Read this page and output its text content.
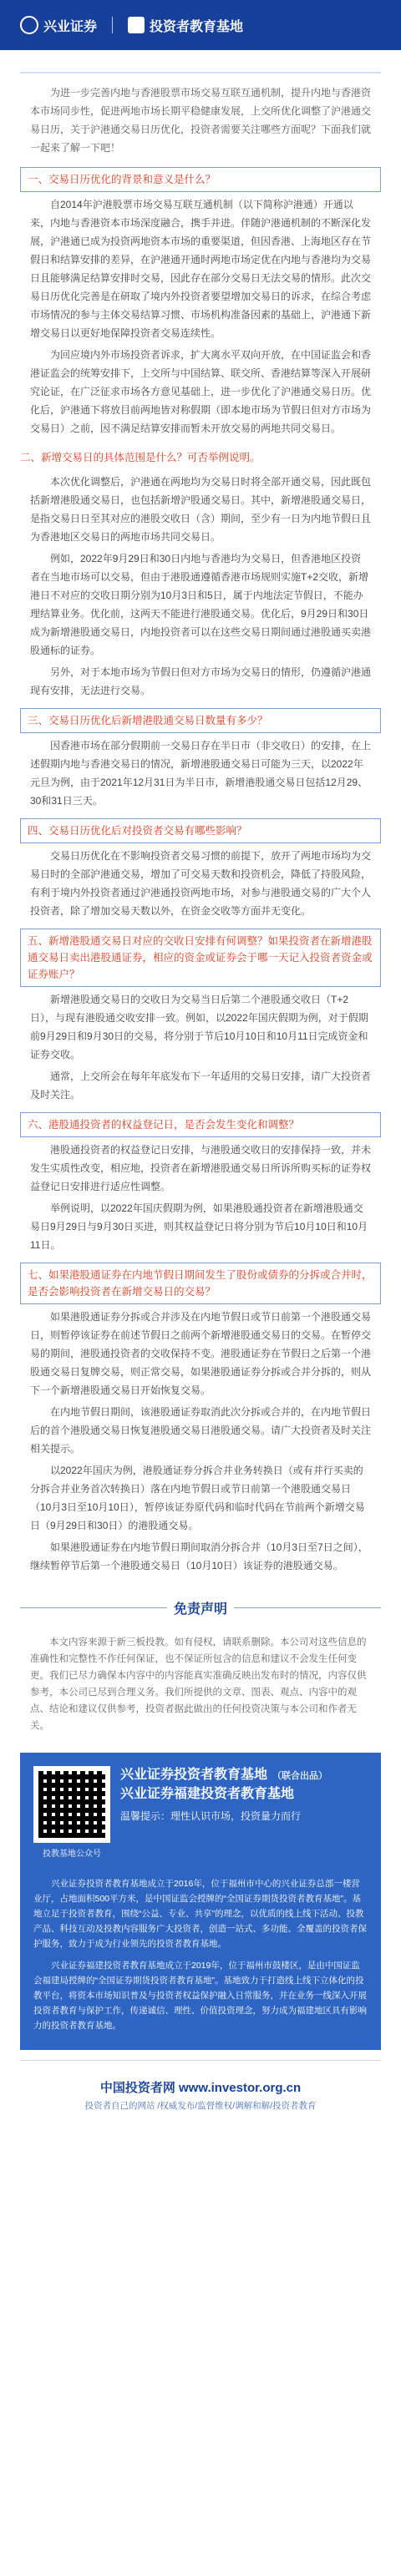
兴业证券	投资者教育基地

为进一步完善内地与香港股票市场交易互联互通机制，提升内地与香港资本市场同步性，促进两地市场长期平稳健康发展，上交所优化调整了沪港通交易日历，关于沪港通交易日历优化，投资者需要关注哪些方面呢？下面我们就一起来了解一下吧！

一、交易日历优化的背景和意义是什么？

自2014年沪港股票市场交易互联互通机制（以下简称沪港通）开通以来，内地与香港资本市场深度融合，携手并进。伴随沪港通机制的不断深化发展，沪港通已成为投资两地资本市场的重要渠道，但因香港、上海地区存在节假日和结算安排的差异，在沪港通开通时两地市场定优在内地与香港均为交易日且能够满足结算安排时交易，因此存在部分交易日无法交易的情形。此次交易日历优化完善是在研取了境内外投资者要望增加交易日的诉求，在综合考虑市场情况的参与主体交易结算习惯、市场机构准备因素的基础上，沪港通下新增交易日以更好地保障投资者交易连续性。

为回应境内外市场投资者诉求，扩大离水平双向开放，在中国证监会和香港证监会的统筹安排下，上交所与中国结算、联交所、香港结算等深入开展研究论证，在广泛征求市场各方意见基础上，进一步优化了沪港通交易日历。优化后，沪港通下将放目前两地皆对称假期（即本地市场为节假日但对方市场为交易日）之前，因不满足结算安排而暂未开放交易的两地共同交易日。

二、新增交易日的具体范围是什么？可否举例说明。

本次优化调整后，沪港通在两地均为交易日时将全部开通交易，因此既包括新增港股通交易日，也包括新增沪股通交易日。其中，新增港股通交易日，是指交易日日至其对应的港股交收日（含）期间，至少有一日为内地节假日且为香港地区交易日的两地市场共同交易日。

例如，2022年9月29日和30日内地与香港均为交易日，但香港地区投资者在当地市场可以交易，但由于港股通遵循香港市场规则实施T+2交收，新增港日不对应的交收日期分别为10月3日和5日，属于内地法定节假日，不能办理结算业务。优化前，这两天不能进行港股通交易。优化后，9月29日和30日成为新增港股通交易日，内地投资者可以在这些交易日期间通过港股通买卖港股通标的证券。

另外，对于本地市场为节假日但对方市场为交易日的情形，仍遵循沪港通现有安排，无法进行交易。

三、交易日历优化后新增港股通交易日数量有多少？

因香港市场在部分假期前一交易日存在半日市（非交收日）的安排，在上述假期内地与香港交易日的情况，新增港股通交易日可能为三天，以2022年元旦为例，由于2021年12月31日为半日市，新增港股通交易日包括12月29、30和31日三天。

四、交易日历优化后对投资者交易有哪些影响？

交易日历优化在不影响投资者交易习惯的前提下，放开了两地市场均为交易日时的全部沪港通交易，增加了可交易天数和投资机会，降低了持股风险，有利于境内外投资者通过沪港通投资两地市场，对参与港股通交易的广大个人投资者，除了增加交易天数以外，在资金交收等方面并无变化。

五、新增港股通交易日对应的交收日安排有何调整？如果投资者在新增港股通交易日卖出港股通证券，相应的资金或证券会于哪一天记入投资者资金或证券账户？

新增港股通交易日的交收日为交易当日后第二个港股通交收日（T+2日），与现有港股通交收安排一致。例如，以2022年国庆假期为例，对于假期前9月29日和9月30日的交易，将分别于节后10月10日和10月11日完成资金和证券交收。

通常，上交所会在每年年底发布下一年适用的交易日安排，请广大投资者及时关注。

六、港股通投资者的权益登记日，是否会发生变化和调整？

港股通投资者的权益登记日安排，与港股通交收日的安排保持一致，并未发生实质性改变，相应地，投资者在新增港股通交易日所诉所购买标的证券权益登记日安排进行适应性调整。

举例说明，以2022年国庆假期为例，如果港股通投资者在新增港股通交易日9月29日与9月30日买进，则其权益登记日将分别为节后10月10日和10月11日。

七、如果港股通证券在内地节假日期间发生了股份或债券的分拆或合并时，是否会影响投资者在新增交易日的交易？

如果港股通证券分拆或合并涉及在内地节假日或节日前第一个港股通交易日，则暂停该证券在前述节假日之前两个新增港股通交易日的交易。在暂停交易的期间，港股通投资者的交收保持不变。港股通证券在节假日之后第一个港股通交易日复牌交易，则正常交易，如果港股通证券分拆或合并分拆的，则从下一个新增港股通交易日开始恢复交易。

在内地节假日期间，该港股通证券取消此次分拆或合并的，在内地节假日后的首个港股通交易日恢复港股通交易日港股通交易。请广大投资者及时关注相关提示。

以2022年国庆为例，港股通证券分拆合并业务转换日（或有并行买卖的分拆合并业务首次转换日）落在内地节假日或节日前第一个港股通交易日（10月3日至10月10日），暂停该证券原代码和临时代码在节前两个新增交易日（9月29日和30日）的港股通交易。

如果港股通证券在内地节假日期间取消分拆合并（10月3日至7日之间），继续暂停节后第一个港股通交易日（10月10日）该证券的港股通交易。

免责声明

本文内容来源于新三板投教。如有侵权，请联系删除。本公司对这些信息的准确性和完整性不作任何保证，也不保证所包含的信息和建议不会发生任何变更。我们已尽力确保本内容中的内容能真实准确反映出发布时的情况，内容仅供参考，本公司已尽到合理义务。我们所提供的文章、图表、观点、内容中的观点、结论和建议仅供参考，投资者据此做出的任何投资决策与本公司和作者无关。

投教基地公众号
兴业证券投资者教育基地 （联合出品）
兴业证券福建投资者教育基地
温馨提示：理性认识市场，投资量力而行

兴业证券投资者教育基地成立于2016年，位于福州市中心的兴业证券总部一楼营业厅，占地面积500平方米，是中国证监会授牌的“全国证券期货投资者教育基地”。基地立足于投资者教育，围绕“公益、专业、共享”的理念，以优质的线上线下活动、投教产品、科技互动及投教内容服务广大投资者，创造一站式、多功能、全覆盖的投资者保护服务，致力于成为行业领先的投资者教育基地。

兴业证券福建投资者教育基地成立于2019年，位于福州市鼓楼区，是由中国证监会福建局授牌的“全国证券期货投资者教育基地”。基地致力于打造线上线下立体化的投教平台，将资本市场知识普及与投资者权益保护融入日常服务，并在业务一线深入开展投资者教育与保护工作，传递诚信、理性、价值投资理念，努力成为福建地区具有影响力的投资者教育基地。

中国投资者网 www.investor.org.cn
投资者自己的网站 /权威发布/监督维权/调解和解/投资者教育
